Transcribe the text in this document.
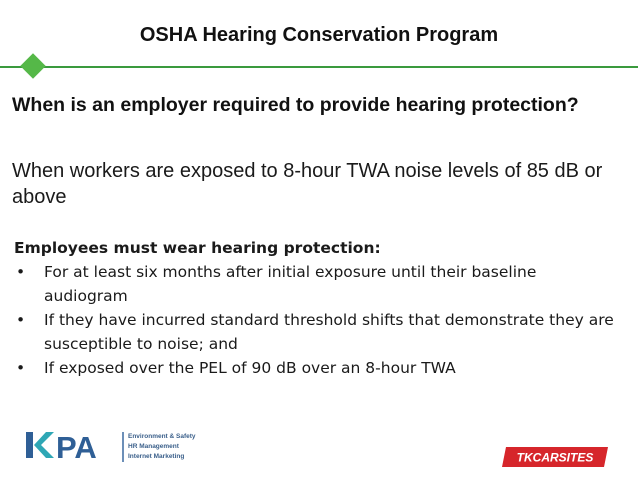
OSHA Hearing Conservation Program
When is an employer required to provide hearing protection?
When workers are exposed to 8-hour TWA noise levels of 85 dB or above
Employees must wear hearing protection:
• For at least six months after initial exposure until their baseline audiogram
• If they have incurred standard threshold shifts that demonstrate they are susceptible to noise; and
• If exposed over the PEL of 90 dB over an 8-hour TWA
PA	Environment & Safety
HR Management
Internet Marketing	TKCARSITES
